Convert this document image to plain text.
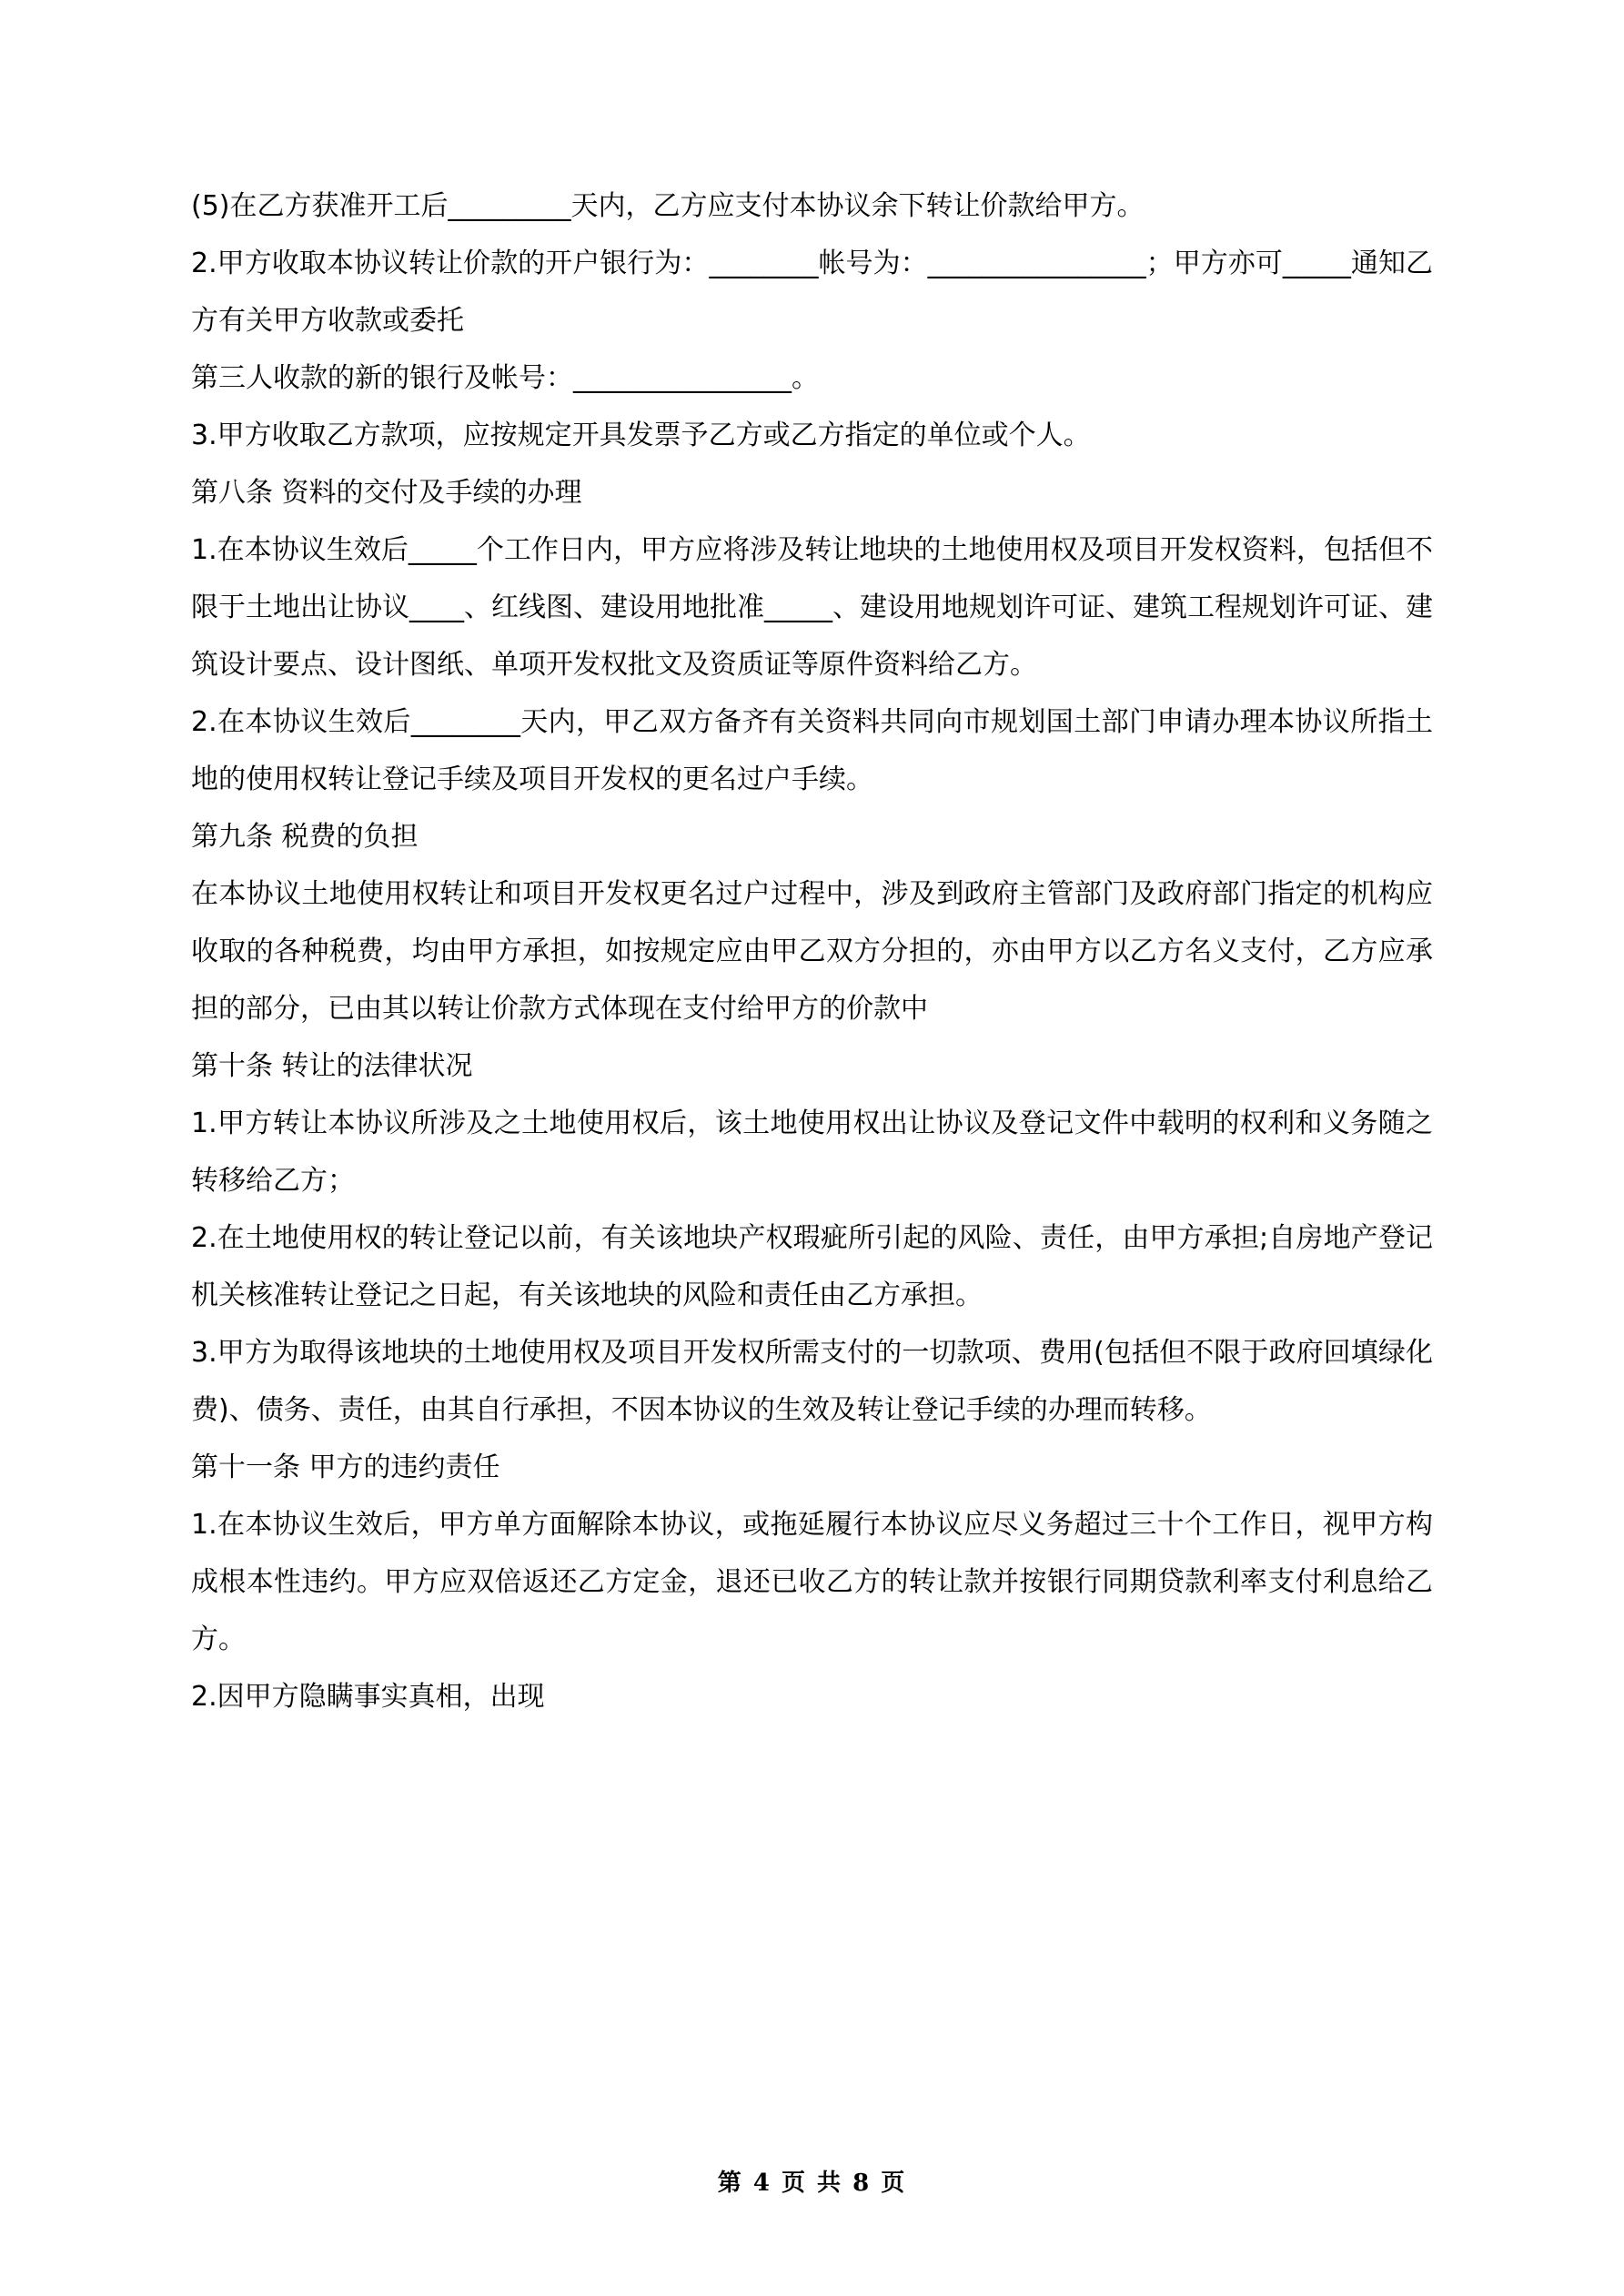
(5)在乙方获准开工后_________天内，乙方应支付本协议余下转让价款给甲方。

2.甲方收取本协议转让价款的开户银行为：________帐号为：________________；甲方亦可_____通知乙方有关甲方收款或委托

第三人收款的新的银行及帐号：________________。

3.甲方收取乙方款项，应按规定开具发票予乙方或乙方指定的单位或个人。

第八条 资料的交付及手续的办理

1.在本协议生效后_____个工作日内，甲方应将涉及转让地块的土地使用权及项目开发权资料，包括但不限于土地出让协议____、红线图、建设用地批准_____、建设用地规划许可证、建筑工程规划许可证、建筑设计要点、设计图纸、单项开发权批文及资质证等原件资料给乙方。

2.在本协议生效后________天内，甲乙双方备齐有关资料共同向市规划国土部门申请办理本协议所指土地的使用权转让登记手续及项目开发权的更名过户手续。

第九条 税费的负担

在本协议土地使用权转让和项目开发权更名过户过程中，涉及到政府主管部门及政府部门指定的机构应收取的各种税费，均由甲方承担，如按规定应由甲乙双方分担的，亦由甲方以乙方名义支付，乙方应承担的部分，已由其以转让价款方式体现在支付给甲方的价款中

第十条 转让的法律状况

1.甲方转让本协议所涉及之土地使用权后，该土地使用权出让协议及登记文件中载明的权利和义务随之转移给乙方；

2.在土地使用权的转让登记以前，有关该地块产权瑕疵所引起的风险、责任，由甲方承担;自房地产登记机关核准转让登记之日起，有关该地块的风险和责任由乙方承担。

3.甲方为取得该地块的土地使用权及项目开发权所需支付的一切款项、费用(包括但不限于政府回填绿化费)、债务、责任，由其自行承担，不因本协议的生效及转让登记手续的办理而转移。

第十一条 甲方的违约责任

1.在本协议生效后，甲方单方面解除本协议，或拖延履行本协议应尽义务超过三十个工作日，视甲方构成根本性违约。甲方应双倍返还乙方定金，退还已收乙方的转让款并按银行同期贷款利率支付利息给乙方。

2.因甲方隐瞒事实真相，出现

第 4 页 共 8 页
